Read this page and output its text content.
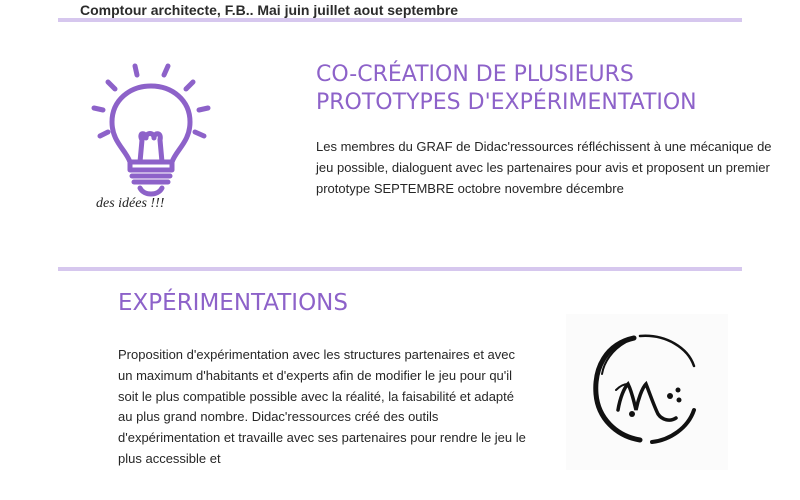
Comptour architecte, F.B.. Mai juin juillet aout septembre
des idées !!!
CO-CRÉATION DE PLUSIEURS
PROTOTYPES D'EXPÉRIMENTATION

Les membres du GRAF de Didac'ressources réfléchissent à une mécanique de jeu possible, dialoguent avec les partenaires pour avis et proposent un premier prototype SEPTEMBRE octobre novembre décembre

EXPÉRIMENTATIONS

Proposition d'expérimentation avec les structures partenaires et avec un maximum d'habitants et d'experts afin de modifier le jeu pour qu'il soit le plus compatible possible avec la réalité, la faisabilité et adapté au plus grand nombre. Didac'ressources créé des outils d'expérimentation et travaille avec ses partenaires pour rendre le jeu le plus accessible et
